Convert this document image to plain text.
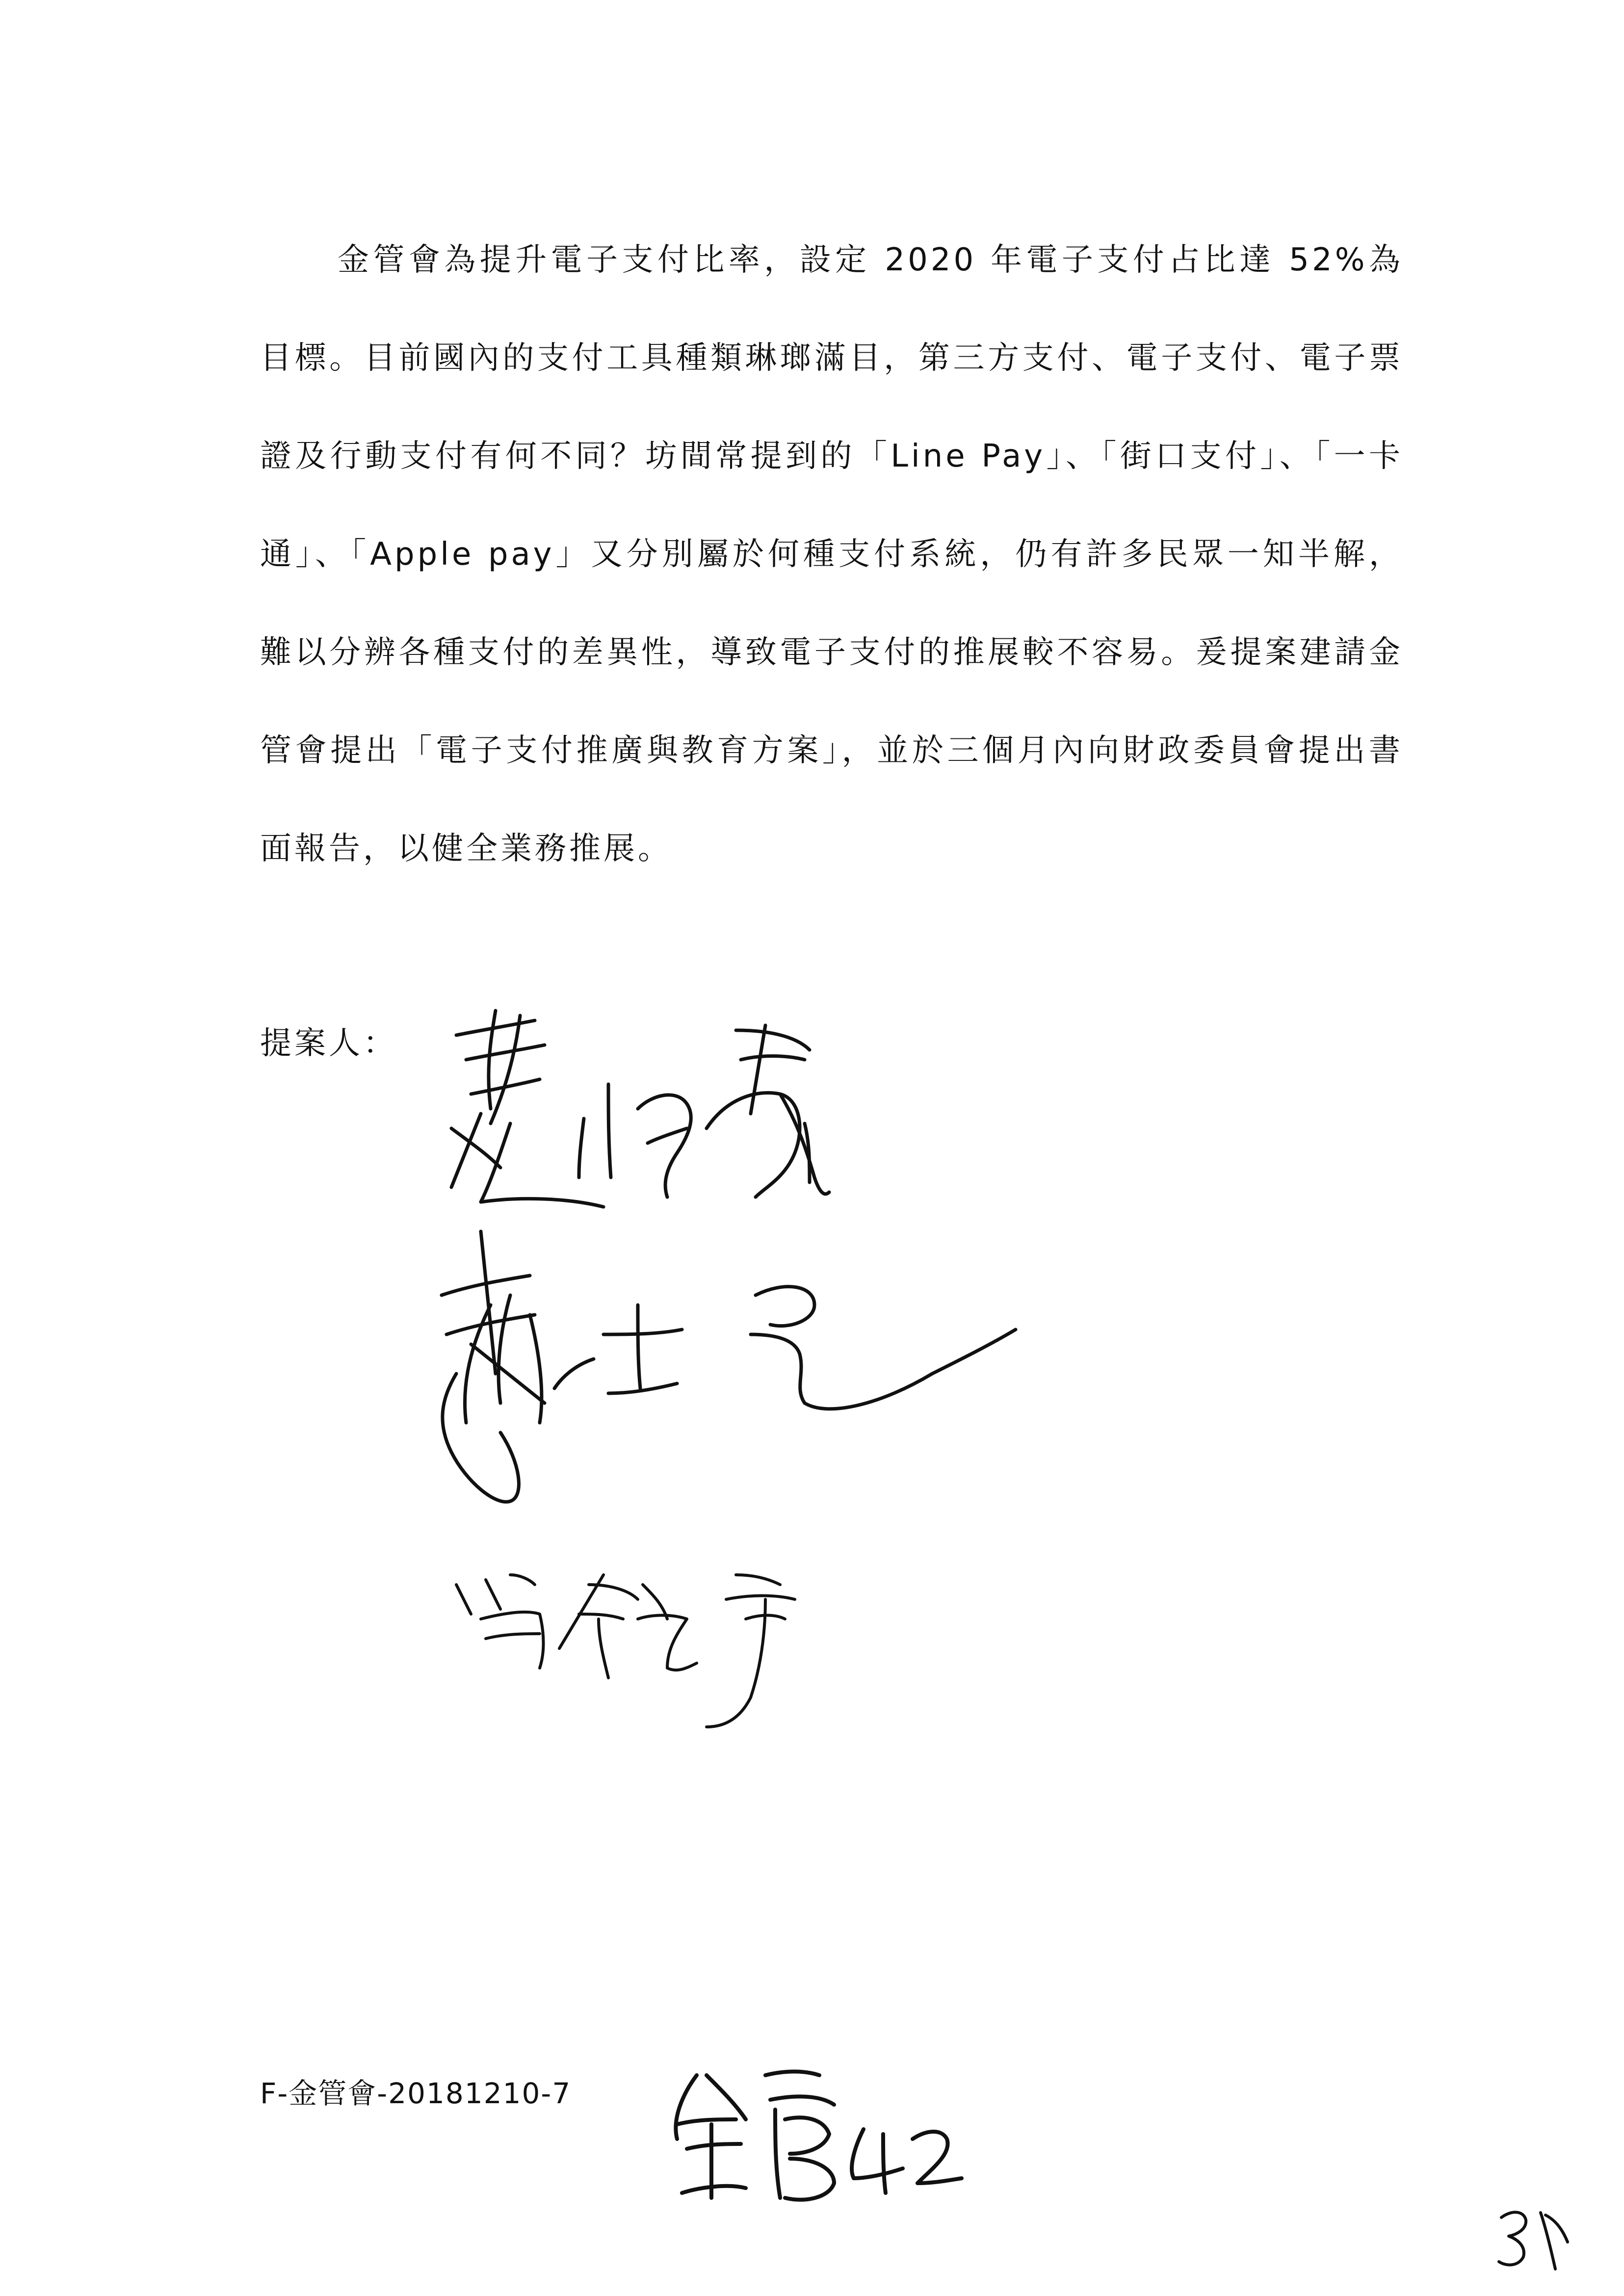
金管會為提升電子支付比率，設定 2020 年電子支付占比達 52%為目標。目前國內的支付工具種類琳瑯滿目，第三方支付、電子支付、電子票證及行動支付有何不同？坊間常提到的「Line Pay」、「街口支付」、「一卡通」、「Apple pay」又分別屬於何種支付系統，仍有許多民眾一知半解，難以分辨各種支付的差異性，導致電子支付的推展較不容易。爰提案建請金管會提出「電子支付推廣與教育方案」，並於三個月內向財政委員會提出書面報告，以健全業務推展。

提案人：

F-金管會-20181210-7
